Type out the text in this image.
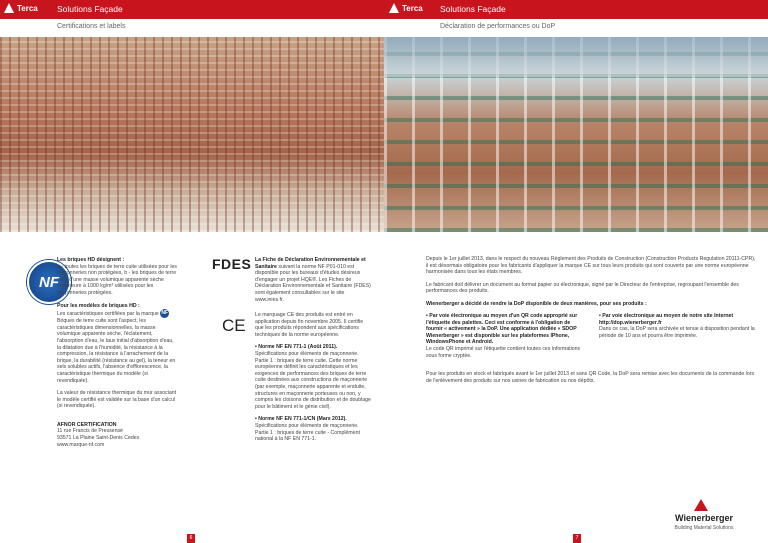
Terca Solutions Façade
Certifications et labels
NF

Les briques HD désignent :
a - toutes les briques de terre cuite utilisées pour les maçonneries non protégées, b - les briques de terre cuite d'une masse volumique apparente sèche supérieure à 1000 kg/m³ utilisées pour les maçonneries protégées.

Pour les modèles de briques HD :
Les caractéristiques certifiées par la marque NF Briques de terre cuite sont l'aspect, les caractéristiques dimensionnelles, la masse volumique apparente sèche, l'éclatement, l'absorption d'eau, le taux initial d'absorption d'eau, la dilatation due à l'humidité, la résistance à la compression, la résistance à l'arrachement de la brique, la durabilité (résistance au gel), la teneur en sels solubles actifs, l'absence d'efflorescence, la caractéristique thermique du modèle (si revendiquée).

La valeur de résistance thermique du mur associant le modèle certifié est validée sur la base d'un calcul (si revendiquée).

AFNOR CERTIFICATION
11 rue Francis de Pressensé
93571 La Plaine Saint-Denis Cedex
www.marque-nf.com

FDES La Fiche de Déclaration Environnementale et Sanitaire suivant la norme NF P01-010 est disponible pour les bureaux d'études désireux d'engager un projet HQE®. Les Fiches de Déclaration Environnementale et Sanitaire (FDES) sont également consultables sur le site www.inies.fr.

CE

Le marquage CE des produits est entré en application depuis fin novembre 2005. Il certifie que les produits répondent aux spécifications techniques de la norme européenne.

• Norme NF EN 771-1 (Août 2011).
Spécifications pour éléments de maçonnerie. Partie 1 : briques de terre cuite. Cette norme européenne définit les caractéristiques et les exigences de performances des briques de terre cuite destinées aux constructions de maçonnerie (par exemple, maçonnerie apparente et enduite, structures en maçonnerie porteuses ou non, y compris les cloisons de distribution et de doublage pour le bâtiment et le génie civil).

• Norme NF EN 771-1/CN (Mars 2012).
Spécifications pour éléments de maçonnerie. Partie 1 : briques de terre cuite - Complément national à la NF EN 771-1.

6
Terca Solutions Façade
Déclaration de performances ou DoP

Depuis le 1er juillet 2013, dans le respect du nouveau Règlement des Produits de Construction (Construction Products Regulation 20111-CPR), il est désormais obligatoire pour les fabricants d'appliquer la marque CE sur tous leurs produits qui sont couverts par une norme européenne harmonisée dans tous les états membres.

Le fabricant doit délivrer un document au format papier ou électronique, signé par le Directeur de l'entreprise, regroupant l'ensemble des performances des produits.

Wienerberger a décidé de rendre la DoP disponible de deux manières, pour ses produits :

• Par voie électronique au moyen d'un QR code approprié sur l'étiquette des palettes. Ceci est conforme à l'obligation de fournir « activement » la DoP. Une application dédiée « SDOP Wienerberger » est disponible sur les plateformes IPhone, WindowsPhone et Android.
Le code QR imprimé sur l'étiquette contient toutes ces informations sous forme cryptée.

• Par voie électronique au moyen de notre site Internet http://dop.wienerberger.fr
Dans ce cas, la DoP sera archivée et tenue à disposition pendant la période de 10 ans et pourra être imprimée.

Pour les produits en stock et fabriqués avant le 1er juillet 2013 et sans QR Code, la DoP sera remise avec les documents de la commande lors de l'enlèvement des produits sur nos usines de fabrication ou nos dépôts.

Wienerberger
Building Material Solutions
7
